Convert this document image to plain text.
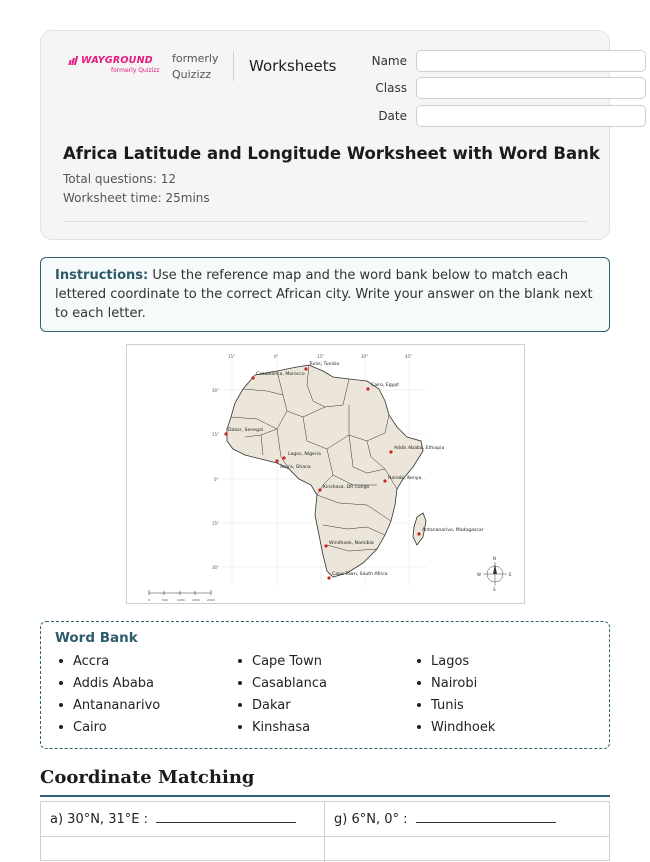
WAYGROUND
formerly Quizizz
formerly Quizizz	Worksheets	Name
Class
Date
Africa Latitude and Longitude Worksheet with Word Bank
Total questions: 12
Worksheet time: 25mins
Instructions: Use the reference map and the word bank below to match each lettered coordinate to the correct African city. Write your answer on the blank next to each letter.
15°	0°	15°	30°	45°
30°
15°
0°
15°
30°
Tunis, Tunisia
Casablanca, Morocco
Cairo, Egypt
Dakar, Senegal
Addis Ababa, Ethiopia
Lagos, Nigeria
Accra, Ghana
Nairobi, Kenya
Kinshasa, DR Congo
Antananarivo, Madagascar
Windhoek, Namibia
Cape Town, South Africa
N
S
E
W
0	500	1000 1500 2000
Word Bank
Accra	Cape Town	Lagos
Addis Ababa	Casablanca	Nairobi
Antananarivo	Dakar	Tunis
Cairo	Kinshasa	Windhoek
Coordinate Matching
a) 30°N, 31°E :	g) 6°N, 0° :
